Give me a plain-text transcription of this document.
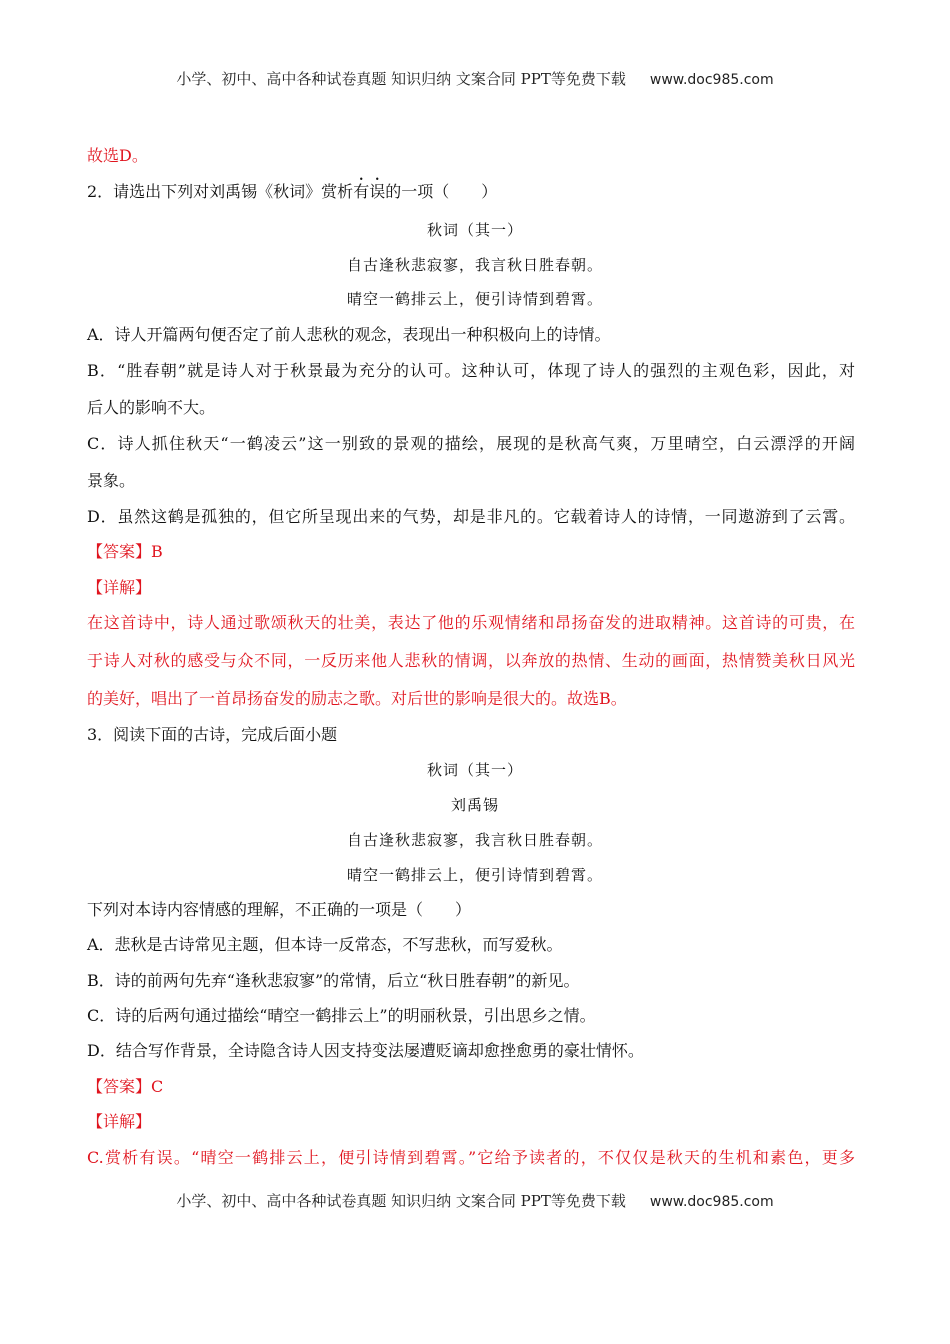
小学、初中、高中各种试卷真题 知识归纳 文案合同 PPT等免费下载 www.doc985.com
故选D。
2．请选出下列对刘禹锡《秋词》赏析有误的一项（　　）
秋词（其一）
自古逢秋悲寂寥，我言秋日胜春朝。
晴空一鹤排云上，便引诗情到碧霄。
A．诗人开篇两句便否定了前人悲秋的观念，表现出一种积极向上的诗情。
B．“胜春朝”就是诗人对于秋景最为充分的认可。这种认可，体现了诗人的强烈的主观色彩，因此，对
后人的影响不大。
C．诗人抓住秋天“一鹤凌云”这一别致的景观的描绘，展现的是秋高气爽，万里晴空，白云漂浮的开阔
景象。
D．虽然这鹤是孤独的，但它所呈现出来的气势，却是非凡的。它载着诗人的诗情，一同遨游到了云霄。
【答案】B
【详解】
在这首诗中，诗人通过歌颂秋天的壮美，表达了他的乐观情绪和昂扬奋发的进取精神。这首诗的可贵，在
于诗人对秋的感受与众不同，一反历来他人悲秋的情调，以奔放的热情、生动的画面，热情赞美秋日风光
的美好，唱出了一首昂扬奋发的励志之歌。对后世的影响是很大的。故选B。
3．阅读下面的古诗，完成后面小题
秋词（其一）
刘禹锡
自古逢秋悲寂寥，我言秋日胜春朝。
晴空一鹤排云上，便引诗情到碧霄。
下列对本诗内容情感的理解，不正确的一项是（　　）
A．悲秋是古诗常见主题，但本诗一反常态，不写悲秋，而写爱秋。
B．诗的前两句先弃“逢秋悲寂寥”的常情，后立“秋日胜春朝”的新见。
C．诗的后两句通过描绘“晴空一鹤排云上”的明丽秋景，引出思乡之情。
D．结合写作背景，全诗隐含诗人因支持变法屡遭贬谪却愈挫愈勇的豪壮情怀。
【答案】C
【详解】
C.赏析有误。“晴空一鹤排云上，便引诗情到碧霄。”它给予读者的，不仅仅是秋天的生机和素色，更多
小学、初中、高中各种试卷真题 知识归纳 文案合同 PPT等免费下载 www.doc985.com
